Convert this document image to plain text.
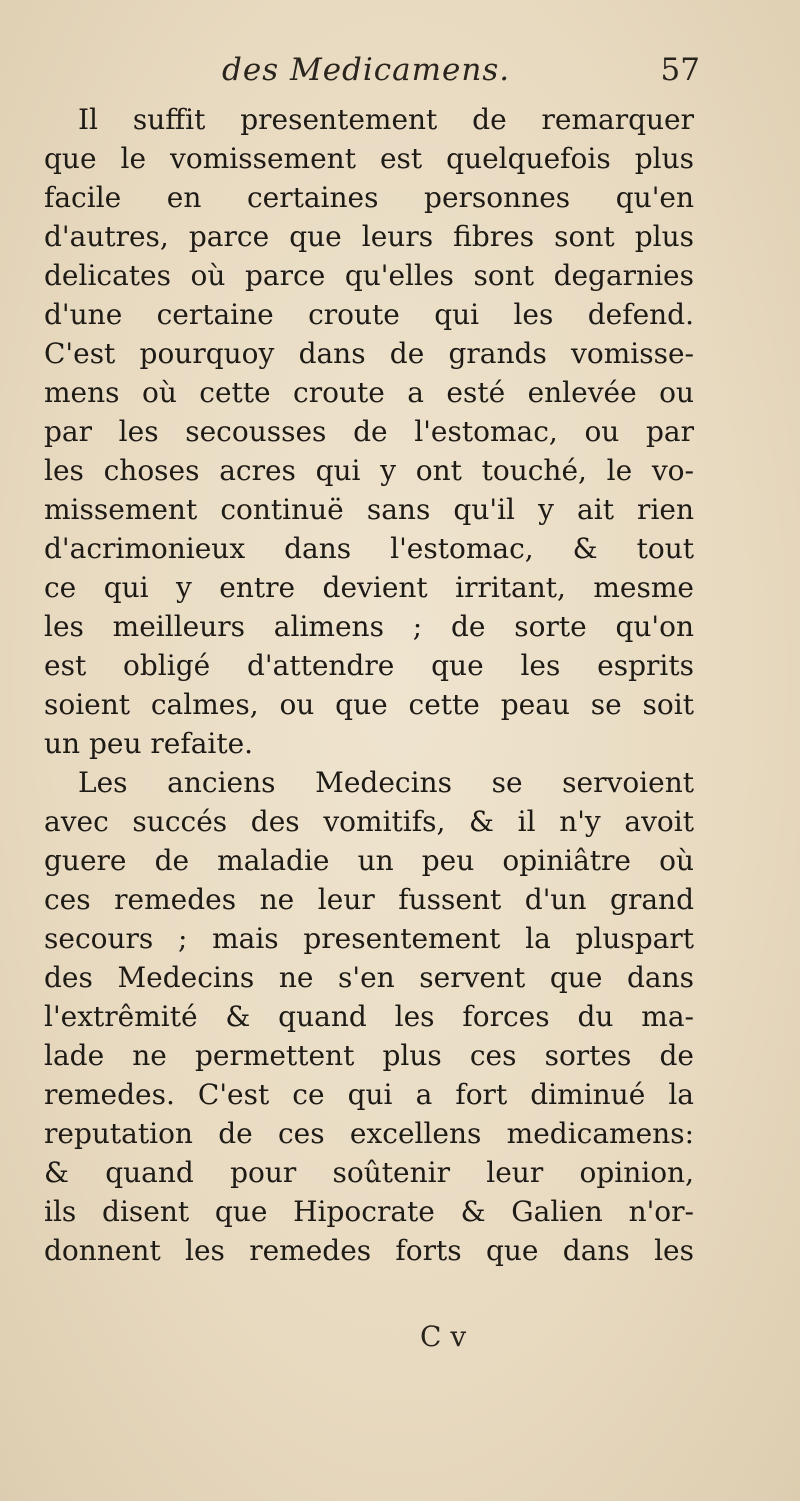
des Medicamens.	57
Il suffit presentement de remarquer
que le vomissement est quelquefois plus
facile en certaines personnes qu'en
d'autres, parce que leurs fibres sont plus
delicates où parce qu'elles sont degarnies
d'une certaine croute qui les defend.
C'est pourquoy dans de grands vomisse-
mens où cette croute a esté enlevée ou
par les secousses de l'estomac, ou par
les choses acres qui y ont touché, le vo-
missement continuë sans qu'il y ait rien
d'acrimonieux dans l'estomac, & tout
ce qui y entre devient irritant, mesme
les meilleurs alimens ; de sorte qu'on
est obligé d'attendre que les esprits
soient calmes, ou que cette peau se soit
un peu refaite.
Les anciens Medecins se servoient
avec succés des vomitifs, & il n'y avoit
guere de maladie un peu opiniâtre où
ces remedes ne leur fussent d'un grand
secours ; mais presentement la pluspart
des Medecins ne s'en servent que dans
l'extrêmité & quand les forces du ma-
lade ne permettent plus ces sortes de
remedes. C'est ce qui a fort diminué la
reputation de ces excellens medicamens:
& quand pour soûtenir leur opinion,
ils disent que Hipocrate & Galien n'or-
donnent les remedes forts que dans les
C v
